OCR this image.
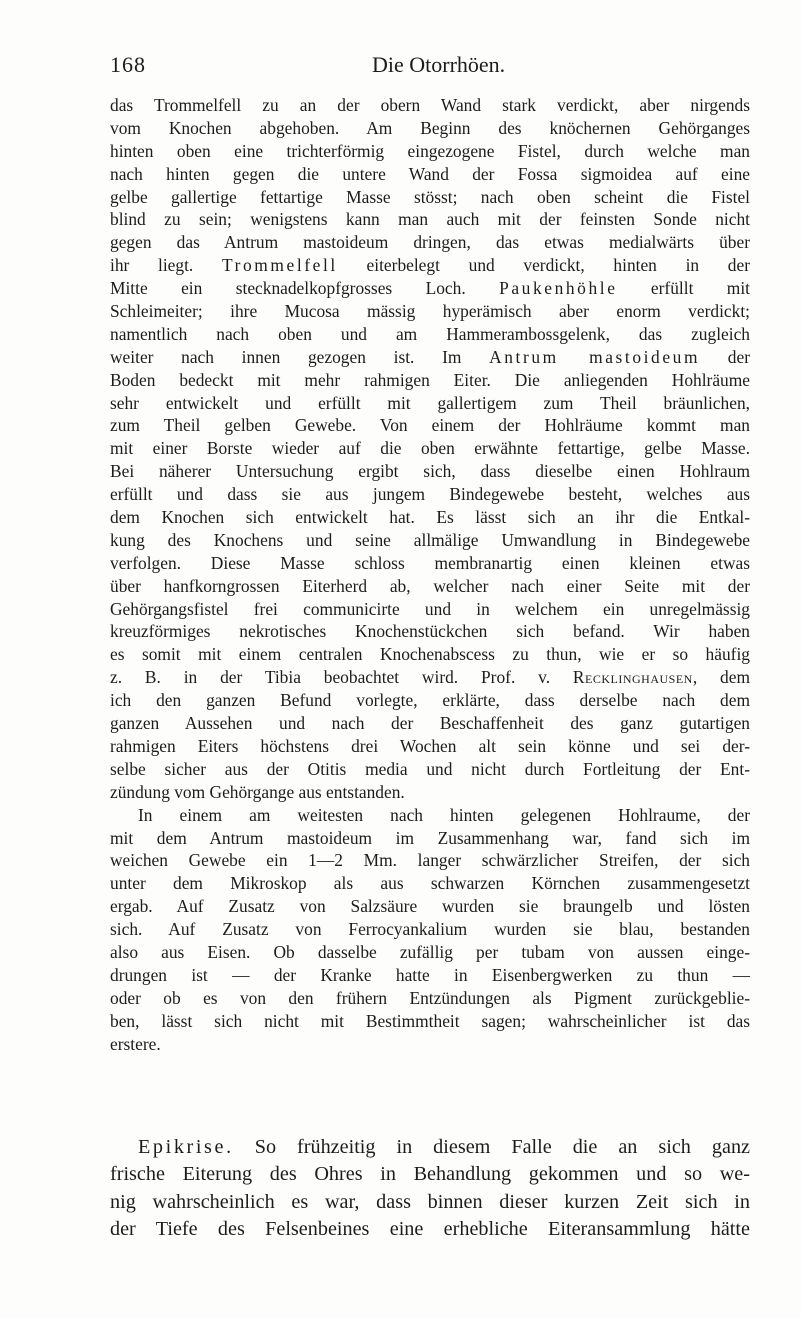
168	Die Otorrhöen.
das Trommelfell zu an der obern Wand stark verdickt, aber nirgends
vom Knochen abgehoben. Am Beginn des knöchernen Gehörganges
hinten oben eine trichterförmig eingezogene Fistel, durch welche man
nach hinten gegen die untere Wand der Fossa sigmoidea auf eine
gelbe gallertige fettartige Masse stösst; nach oben scheint die Fistel
blind zu sein; wenigstens kann man auch mit der feinsten Sonde nicht
gegen das Antrum mastoideum dringen, das etwas medialwärts über
ihr liegt. Trommelfell eiterbelegt und verdickt, hinten in der
Mitte ein stecknadelkopfgrosses Loch. Paukenhöhle erfüllt mit
Schleimeiter; ihre Mucosa mässig hyperämisch aber enorm verdickt;
namentlich nach oben und am Hammerambossgelenk, das zugleich
weiter nach innen gezogen ist. Im Antrum mastoideum der
Boden bedeckt mit mehr rahmigen Eiter. Die anliegenden Hohlräume
sehr entwickelt und erfüllt mit gallertigem zum Theil bräunlichen,
zum Theil gelben Gewebe. Von einem der Hohlräume kommt man
mit einer Borste wieder auf die oben erwähnte fettartige, gelbe Masse.
Bei näherer Untersuchung ergibt sich, dass dieselbe einen Hohlraum
erfüllt und dass sie aus jungem Bindegewebe besteht, welches aus
dem Knochen sich entwickelt hat. Es lässt sich an ihr die Entkal-
kung des Knochens und seine allmälige Umwandlung in Bindegewebe
verfolgen. Diese Masse schloss membranartig einen kleinen etwas
über hanfkorngrossen Eiterherd ab, welcher nach einer Seite mit der
Gehörgangsfistel frei communicirte und in welchem ein unregelmässig
kreuzförmiges nekrotisches Knochenstückchen sich befand. Wir haben
es somit mit einem centralen Knochenabscess zu thun, wie er so häufig
z. B. in der Tibia beobachtet wird. Prof. v. Recklinghausen, dem
ich den ganzen Befund vorlegte, erklärte, dass derselbe nach dem
ganzen Aussehen und nach der Beschaffenheit des ganz gutartigen
rahmigen Eiters höchstens drei Wochen alt sein könne und sei der-
selbe sicher aus der Otitis media und nicht durch Fortleitung der Ent-
zündung vom Gehörgange aus entstanden.
In einem am weitesten nach hinten gelegenen Hohlraume, der
mit dem Antrum mastoideum im Zusammenhang war, fand sich im
weichen Gewebe ein 1—2 Mm. langer schwärzlicher Streifen, der sich
unter dem Mikroskop als aus schwarzen Körnchen zusammengesetzt
ergab. Auf Zusatz von Salzsäure wurden sie braungelb und lösten
sich. Auf Zusatz von Ferrocyankalium wurden sie blau, bestanden
also aus Eisen. Ob dasselbe zufällig per tubam von aussen einge-
drungen ist — der Kranke hatte in Eisenbergwerken zu thun —
oder ob es von den frühern Entzündungen als Pigment zurückgeblie-
ben, lässt sich nicht mit Bestimmtheit sagen; wahrscheinlicher ist das
erstere.
Epikrise. So frühzeitig in diesem Falle die an sich ganz
frische Eiterung des Ohres in Behandlung gekommen und so we-
nig wahrscheinlich es war, dass binnen dieser kurzen Zeit sich in
der Tiefe des Felsenbeines eine erhebliche Eiteransammlung hätte
